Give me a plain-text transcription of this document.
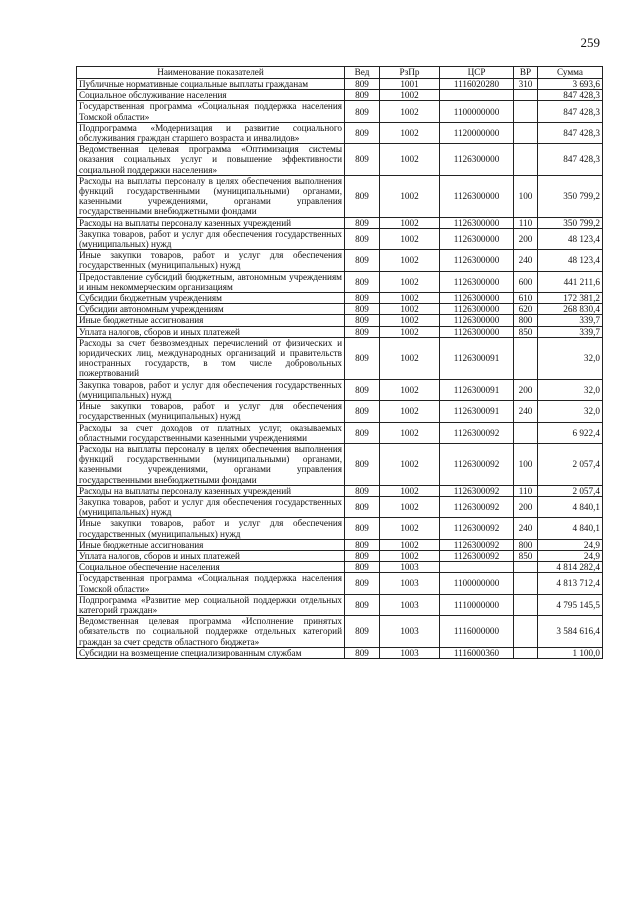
259
Наименование показателей	Вед	РзПр	ЦСР	ВР	Сумма
Публичные нормативные социальные выплаты гражданам	809	1001	1116020280	310	3 693,6
Социальное обслуживание населения	809	1002			847 428,3
Государственная программа «Социальная поддержка населения Томской области»	809	1002	1100000000		847 428,3
Подпрограмма «Модернизация и развитие социального обслуживания граждан старшего возраста и инвалидов»	809	1002	1120000000		847 428,3
Ведомственная целевая программа «Оптимизация системы оказания социальных услуг и повышение эффективности социальной поддержки населения»	809	1002	1126300000		847 428,3
Расходы на выплаты персоналу в целях обеспечения выполнения функций государственными (муниципальными) органами, казенными учреждениями, органами управления государственными внебюджетными фондами	809	1002	1126300000	100	350 799,2
Расходы на выплаты персоналу казенных учреждений	809	1002	1126300000	110	350 799,2
Закупка товаров, работ и услуг для обеспечения государственных (муниципальных) нужд	809	1002	1126300000	200	48 123,4
Иные закупки товаров, работ и услуг для обеспечения государственных (муниципальных) нужд	809	1002	1126300000	240	48 123,4
Предоставление субсидий бюджетным, автономным учреждениям и иным некоммерческим организациям	809	1002	1126300000	600	441 211,6
Субсидии бюджетным учреждениям	809	1002	1126300000	610	172 381,2
Субсидии автономным учреждениям	809	1002	1126300000	620	268 830,4
Иные бюджетные ассигнования	809	1002	1126300000	800	339,7
Уплата налогов, сборов и иных платежей	809	1002	1126300000	850	339,7
Расходы за счет безвозмездных перечислений от физических и юридических лиц, международных организаций и правительств иностранных государств, в том числе добровольных пожертвований	809	1002	1126300091		32,0
Закупка товаров, работ и услуг для обеспечения государственных (муниципальных) нужд	809	1002	1126300091	200	32,0
Иные закупки товаров, работ и услуг для обеспечения государственных (муниципальных) нужд	809	1002	1126300091	240	32,0
Расходы за счет доходов от платных услуг, оказываемых областными государственными казенными учреждениями	809	1002	1126300092		6 922,4
Расходы на выплаты персоналу в целях обеспечения выполнения функций государственными (муниципальными) органами, казенными учреждениями, органами управления государственными внебюджетными фондами	809	1002	1126300092	100	2 057,4
Расходы на выплаты персоналу казенных учреждений	809	1002	1126300092	110	2 057,4
Закупка товаров, работ и услуг для обеспечения государственных (муниципальных) нужд	809	1002	1126300092	200	4 840,1
Иные закупки товаров, работ и услуг для обеспечения государственных (муниципальных) нужд	809	1002	1126300092	240	4 840,1
Иные бюджетные ассигнования	809	1002	1126300092	800	24,9
Уплата налогов, сборов и иных платежей	809	1002	1126300092	850	24,9
Социальное обеспечение населения	809	1003			4 814 282,4
Государственная программа «Социальная поддержка населения Томской области»	809	1003	1100000000		4 813 712,4
Подпрограмма «Развитие мер социальной поддержки отдельных категорий граждан»	809	1003	1110000000		4 795 145,5
Ведомственная целевая программа «Исполнение принятых обязательств по социальной поддержке отдельных категорий граждан за счет средств областного бюджета»	809	1003	1116000000		3 584 616,4
Субсидии на возмещение специализированным службам	809	1003	1116000360		1 100,0
